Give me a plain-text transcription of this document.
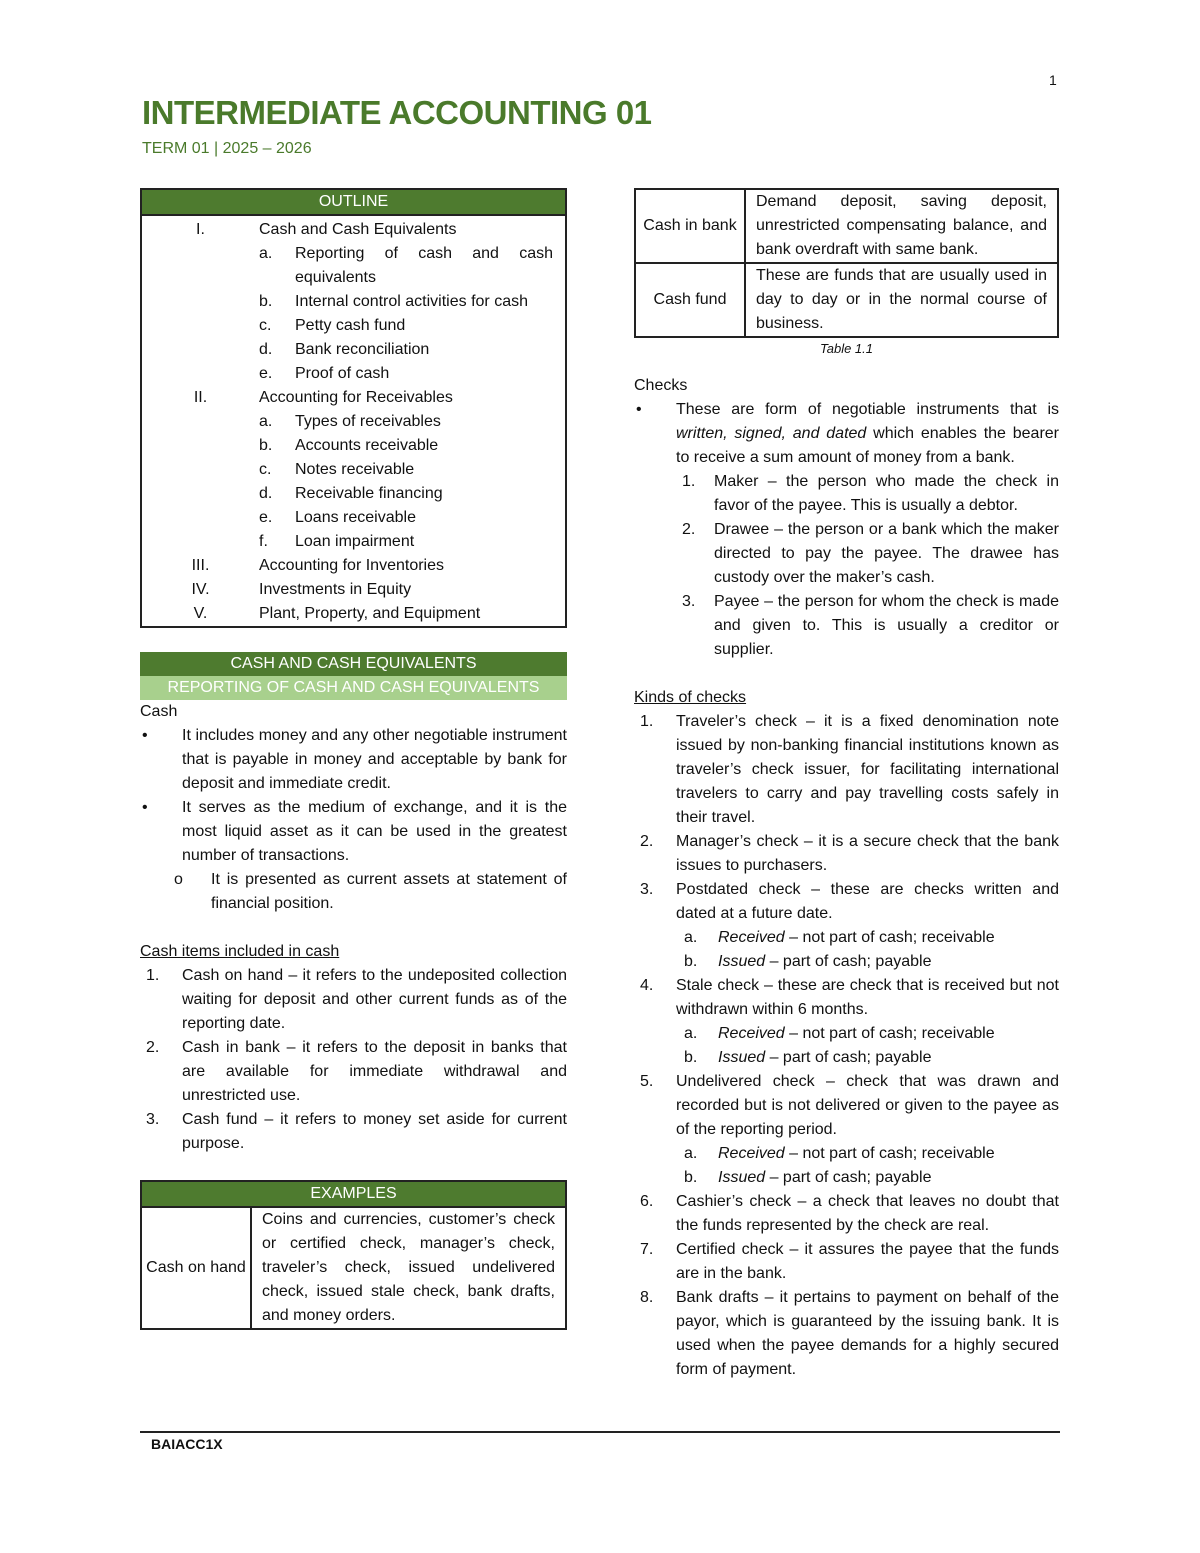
1
INTERMEDIATE ACCOUNTING 01
TERM 01 | 2025 – 2026
OUTLINE

I.	Cash and Cash Equivalents
a.	Reporting of cash and cash equivalents
b.	Internal control activities for cash
c.	Petty cash fund
d.	Bank reconciliation
e.	Proof of cash
II.	Accounting for Receivables
a.	Types of receivables
b.	Accounts receivable
c.	Notes receivable
d.	Receivable financing
e.	Loans receivable
f.	Loan impairment
III.	Accounting for Inventories
IV.	Investments in Equity
V.	Plant, Property, and Equipment
CASH AND CASH EQUIVALENTS
REPORTING OF CASH AND CASH EQUIVALENTS
Cash
• It includes money and any other negotiable instrument that is payable in money and acceptable by bank for deposit and immediate credit.
• It serves as the medium of exchange, and it is the most liquid asset as it can be used in the greatest number of transactions.
o It is presented as current assets at statement of financial position.
Cash items included in cash
1. Cash on hand – it refers to the undeposited collection waiting for deposit and other current funds as of the reporting date.
2. Cash in bank – it refers to the deposit in banks that are available for immediate withdrawal and unrestricted use.
3. Cash fund – it refers to money set aside for current purpose.
EXAMPLES
Cash on hand	Coins and currencies, customer’s check or certified check, manager’s check, traveler’s check, issued undelivered check, issued stale check, bank drafts, and money orders.
Cash in bank	Demand deposit, saving deposit, unrestricted compensating balance, and bank overdraft with same bank.
Cash fund	These are funds that are usually used in day to day or in the normal course of business.
Table 1.1
Checks
• These are form of negotiable instruments that is written, signed, and dated which enables the bearer to receive a sum amount of money from a bank.
1. Maker – the person who made the check in favor of the payee. This is usually a debtor.
2. Drawee – the person or a bank which the maker directed to pay the payee. The drawee has custody over the maker’s cash.
3. Payee – the person for whom the check is made and given to. This is usually a creditor or supplier.
Kinds of checks
1. Traveler’s check – it is a fixed denomination note issued by non-banking financial institutions known as traveler’s check issuer, for facilitating international travelers to carry and pay travelling costs safely in their travel.
2. Manager’s check – it is a secure check that the bank issues to purchasers.
3. Postdated check – these are checks written and dated at a future date.
a. Received – not part of cash; receivable
b. Issued – part of cash; payable
4. Stale check – these are check that is received but not withdrawn within 6 months.
a. Received – not part of cash; receivable
b. Issued – part of cash; payable
5. Undelivered check – check that was drawn and recorded but is not delivered or given to the payee as of the reporting period.
a. Received – not part of cash; receivable
b. Issued – part of cash; payable
6. Cashier’s check – a check that leaves no doubt that the funds represented by the check are real.
7. Certified check – it assures the payee that the funds are in the bank.
8. Bank drafts – it pertains to payment on behalf of the payor, which is guaranteed by the issuing bank. It is used when the payee demands for a highly secured form of payment.
BAIACC1X
